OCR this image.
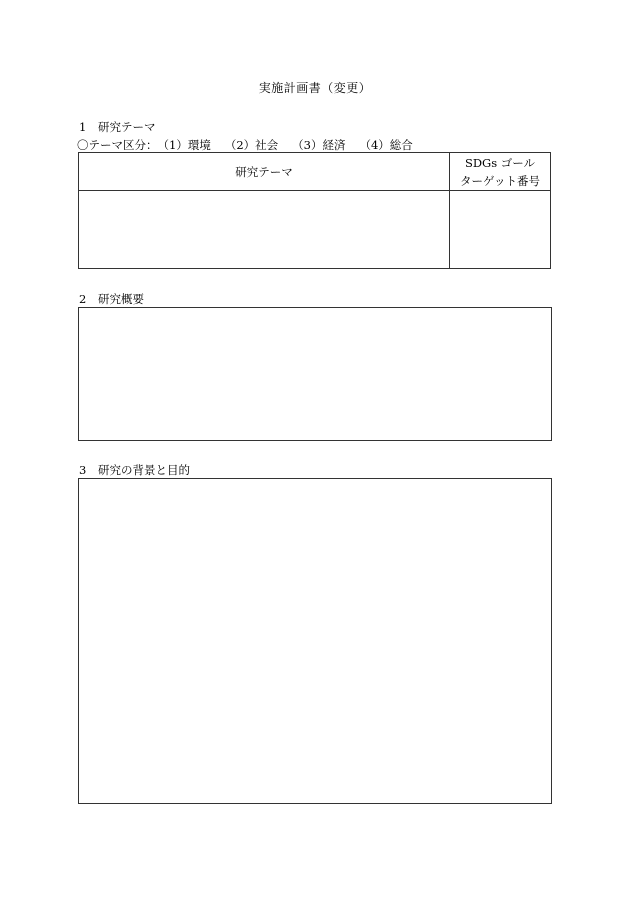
実施計画書（変更）
1 研究テーマ
〇テーマ区分：（1）環境 （2）社会 （3）経済 （4）総合
研究テーマ
SDGs ゴール
ターゲット番号
2 研究概要
3 研究の背景と目的
